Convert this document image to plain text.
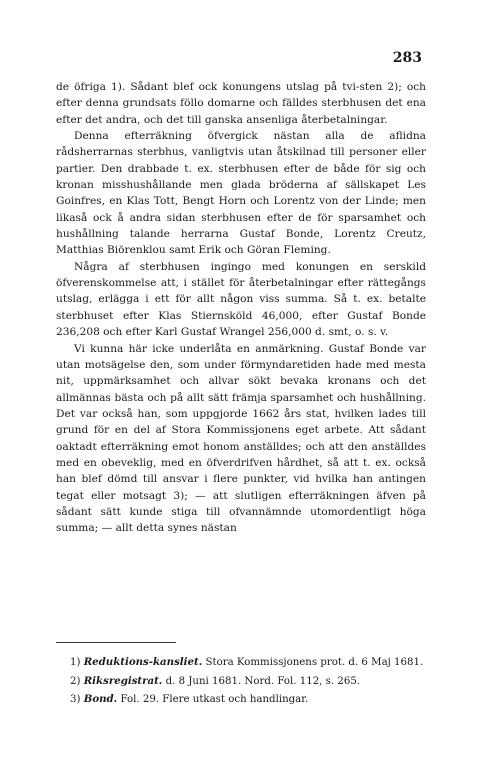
283

de öfriga 1). Sådant blef ock konungens utslag på tvi-sten 2); och efter denna grundsats föllo domarne och fälldes sterbhusen det ena efter det andra, och det till ganska ansenliga återbetalningar.

Denna efterräkning öfvergick nästan alla de aflidna rådsherrarnas sterbhus, vanligtvis utan åtskilnad till personer eller partier. Den drabbade t. ex. sterbhusen efter de både för sig och kronan misshushållande men glada bröderna af sällskapet Les Goinfres, en Klas Tott, Bengt Horn och Lorentz von der Linde; men likaså ock å andra sidan sterbhusen efter de för sparsamhet och hushållning talande herrarna Gustaf Bonde, Lorentz Creutz, Matthias Biörenklou samt Erik och Göran Fleming.

Några af sterbhusen ingingo med konungen en serskild öfverenskommelse att, i stället för återbetalningar efter rättegångs utslag, erlägga i ett för allt någon viss summa. Så t. ex. betalte sterbhuset efter Klas Stiernsköld 46,000, efter Gustaf Bonde 236,208 och efter Karl Gustaf Wrangel 256,000 d. smt, o. s. v.

Vi kunna här icke underlåta en anmärkning. Gustaf Bonde var utan motsägelse den, som under förmyndaretiden hade med mesta nit, uppmärksamhet och allvar sökt bevaka kronans och det allmännas bästa och på allt sätt främja sparsamhet och hushållning. Det var också han, som uppgjorde 1662 års stat, hvilken lades till grund för en del af Stora Kommissjonens eget arbete. Att sådant oaktadt efterräkning emot honom anställdes; och att den anställdes med en obeveklig, med en öfverdrifven hårdhet, så att t. ex. också han blef dömd till ansvar i flere punkter, vid hvilka han antingen tegat eller motsagt 3); — att slutligen efterräkningen äfven på sådant sätt kunde stiga till ofvannämnde utomordentligt höga summa; — allt detta synes nästan

1) Reduktions-kansliet. Stora Kommissjonens prot. d. 6 Maj 1681.

2) Riksregistrat. d. 8 Juni 1681. Nord. Fol. 112, s. 265.

3) Bond. Fol. 29. Flere utkast och handlingar.
